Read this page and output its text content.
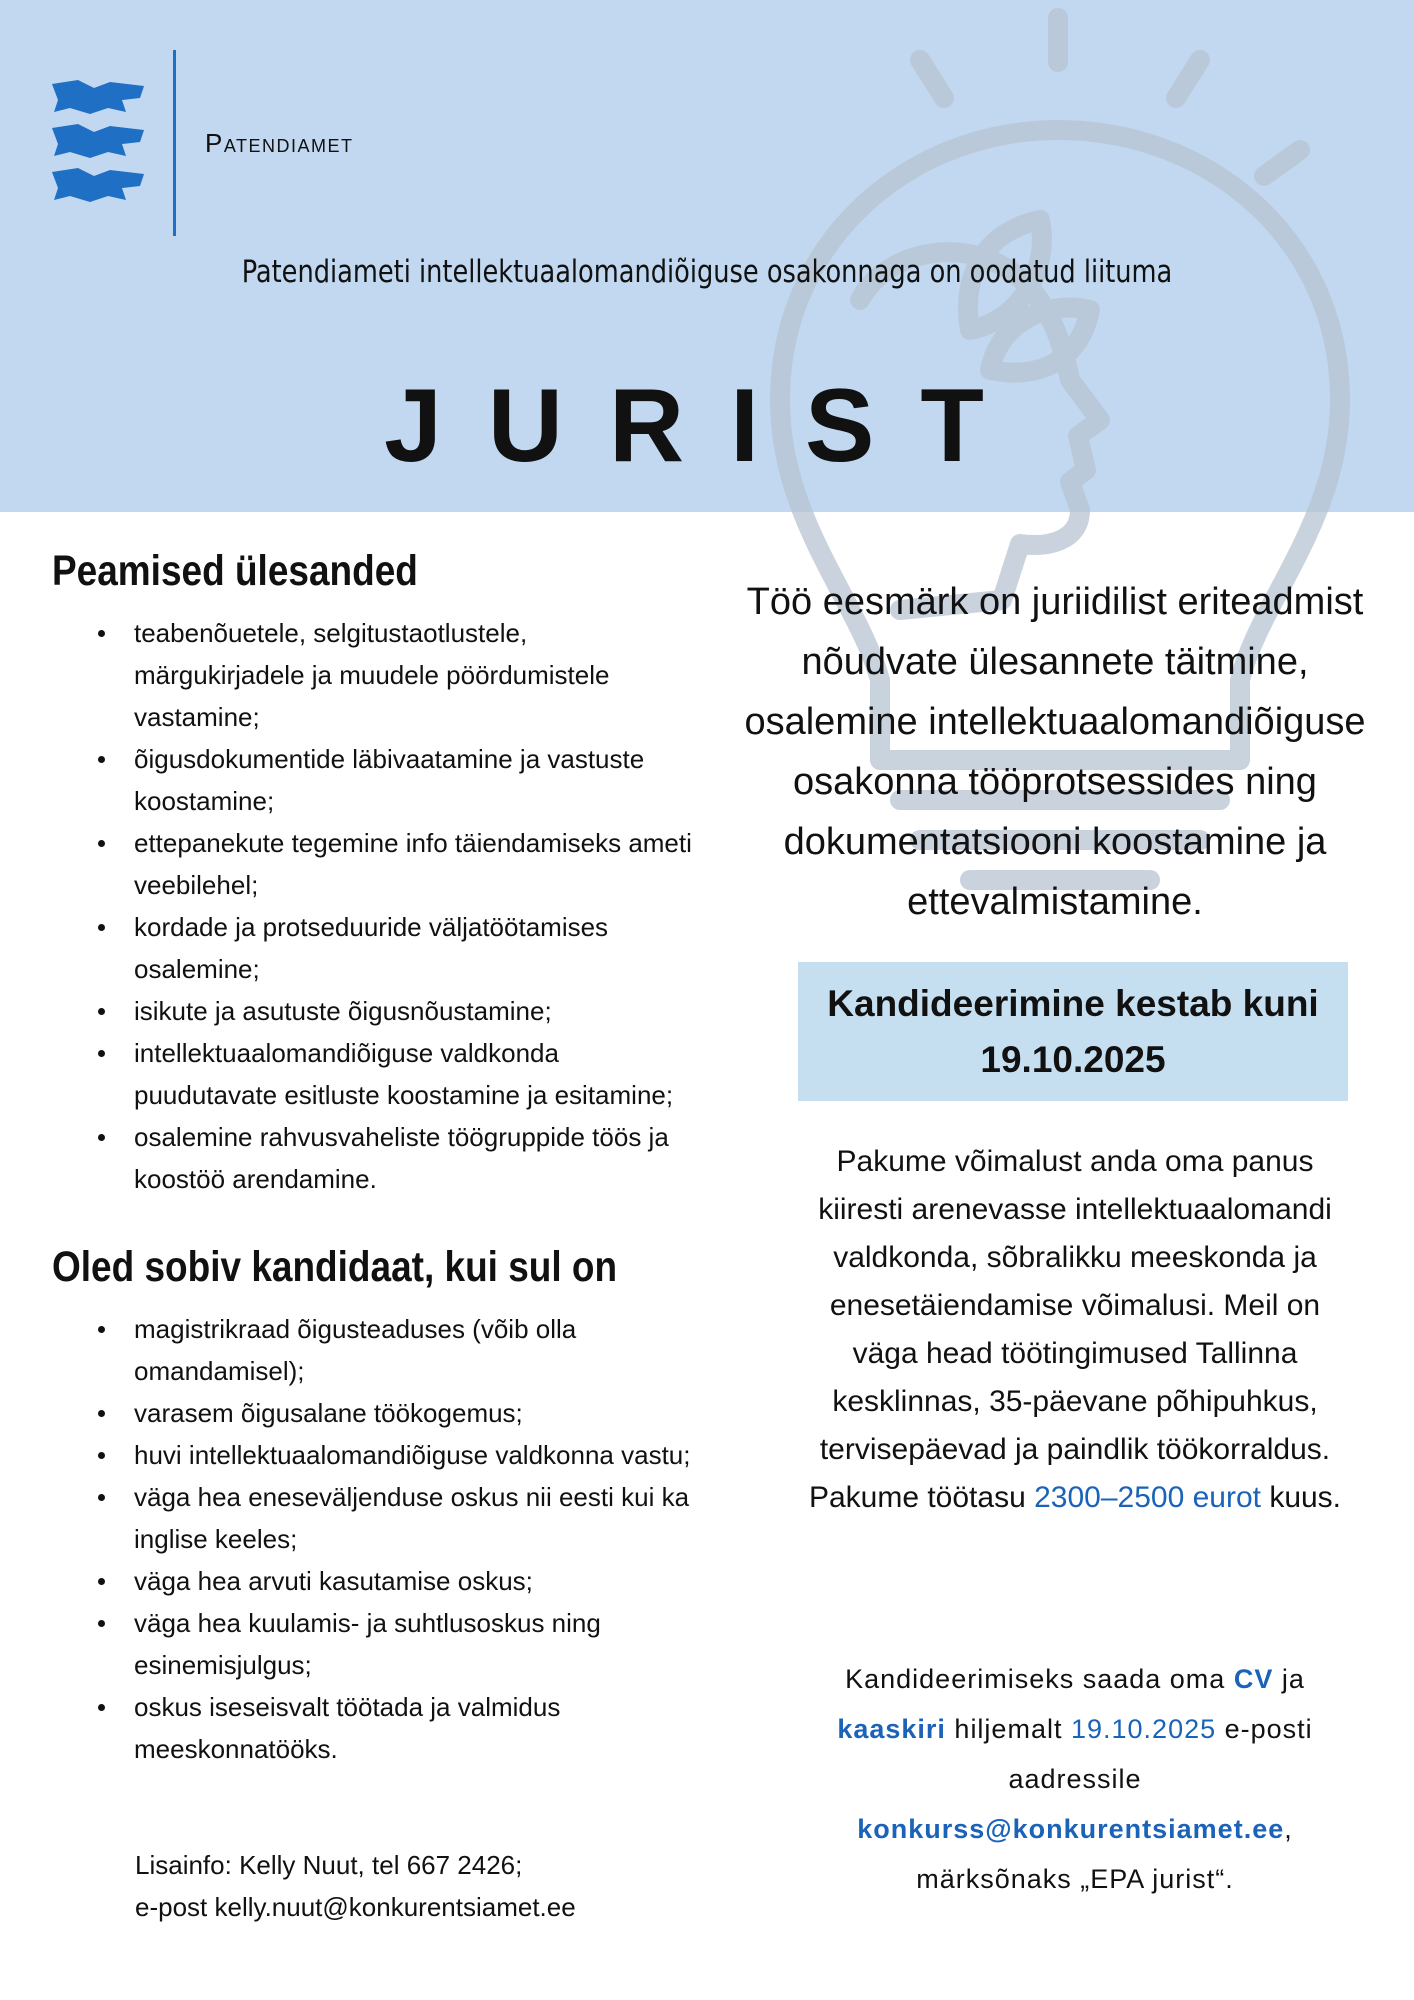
Patendiamet
Patendiameti intellektuaalomandiõiguse osakonnaga on oodatud liituma
JURIST
Peamised ülesanded
teabenõuetele, selgitustaotlustele, märgukirjadele ja muudele pöördumistele vastamine;
õigusdokumentide läbivaatamine ja vastuste koostamine;
ettepanekute tegemine info täiendamiseks ameti veebilehel;
kordade ja protseduuride väljatöötamises osalemine;
isikute ja asutuste õigusnõustamine;
intellektuaalomandiõiguse valdkonda puudutavate esitluste koostamine ja esitamine;
osalemine rahvusvaheliste töögruppide töös ja koostöö arendamine.
Oled sobiv kandidaat, kui sul on
magistrikraad õigusteaduses (võib olla omandamisel);
varasem õigusalane töökogemus;
huvi intellektuaalomandiõiguse valdkonna vastu;
väga hea eneseväljenduse oskus nii eesti kui ka inglise keeles;
väga hea arvuti kasutamise oskus;
väga hea kuulamis- ja suhtlusoskus ning esinemisjulgus;
oskus iseseisvalt töötada ja valmidus meeskonnatööks.
Lisainfo: Kelly Nuut, tel 667 2426;
e-post kelly.nuut@konkurentsiamet.ee
Töö eesmärk on juriidilist eriteadmist nõudvate ülesannete täitmine, osalemine intellektuaalomandiõiguse osakonna tööprotsessides ning dokumentatsiooni koostamine ja ettevalmistamine.
Kandideerimine kestab kuni
19.10.2025
Pakume võimalust anda oma panus kiiresti arenevasse intellektuaalomandi valdkonda, sõbralikku meeskonda ja enesetäiendamise võimalusi. Meil on väga head töötingimused Tallinna kesklinnas, 35-päevane põhipuhkus, tervisepäevad ja paindlik töökorraldus. Pakume töötasu 2300–2500 eurot kuus.
Kandideerimiseks saada oma CV ja
kaaskiri hiljemalt 19.10.2025 e-posti aadressile
konkurss@konkurentsiamet.ee, märksõnaks „EPA jurist“.
